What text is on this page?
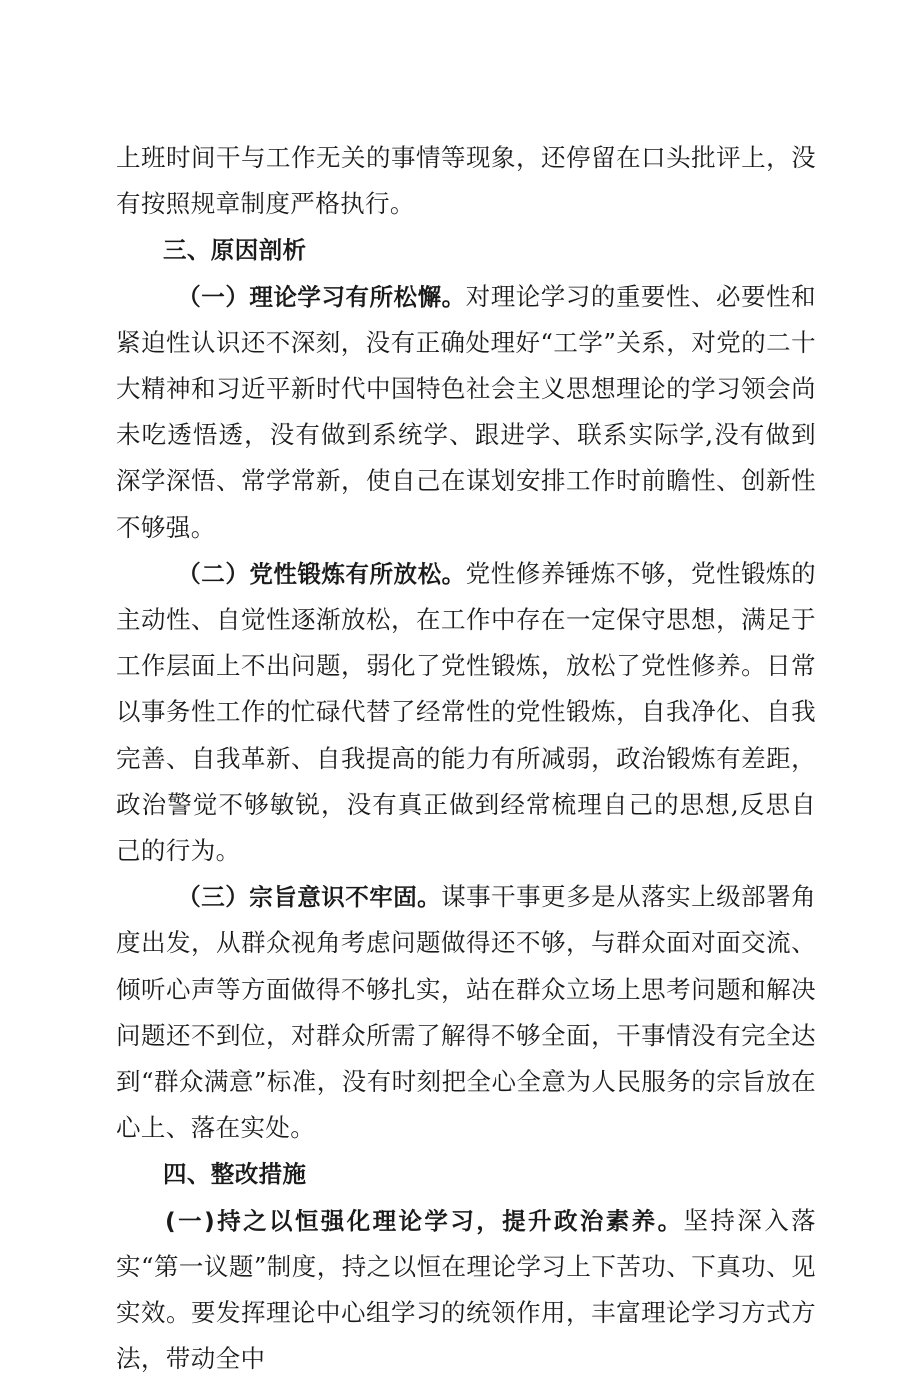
上班时间干与工作无关的事情等现象，还停留在口头批评上，没有按照规章制度严格执行。

三、原因剖析

（一）理论学习有所松懈。对理论学习的重要性、必要性和紧迫性认识还不深刻，没有正确处理好“工学”关系，对党的二十大精神和习近平新时代中国特色社会主义思想理论的学习领会尚未吃透悟透，没有做到系统学、跟进学、联系实际学,没有做到深学深悟、常学常新，使自己在谋划安排工作时前瞻性、创新性不够强。

（二）党性锻炼有所放松。党性修养锤炼不够，党性锻炼的主动性、自觉性逐渐放松，在工作中存在一定保守思想，满足于工作层面上不出问题，弱化了党性锻炼，放松了党性修养。日常以事务性工作的忙碌代替了经常性的党性锻炼，自我净化、自我完善、自我革新、自我提高的能力有所减弱，政治锻炼有差距，政治警觉不够敏锐，没有真正做到经常梳理自己的思想,反思自己的行为。

（三）宗旨意识不牢固。谋事干事更多是从落实上级部署角度出发，从群众视角考虑问题做得还不够，与群众面对面交流、倾听心声等方面做得不够扎实，站在群众立场上思考问题和解决问题还不到位，对群众所需了解得不够全面，干事情没有完全达到“群众满意”标准，没有时刻把全心全意为人民服务的宗旨放在心上、落在实处。

四、整改措施

(一)持之以恒强化理论学习，提升政治素养。坚持深入落实“第一议题”制度，持之以恒在理论学习上下苦功、下真功、见实效。要发挥理论中心组学习的统领作用，丰富理论学习方式方法，带动全中
